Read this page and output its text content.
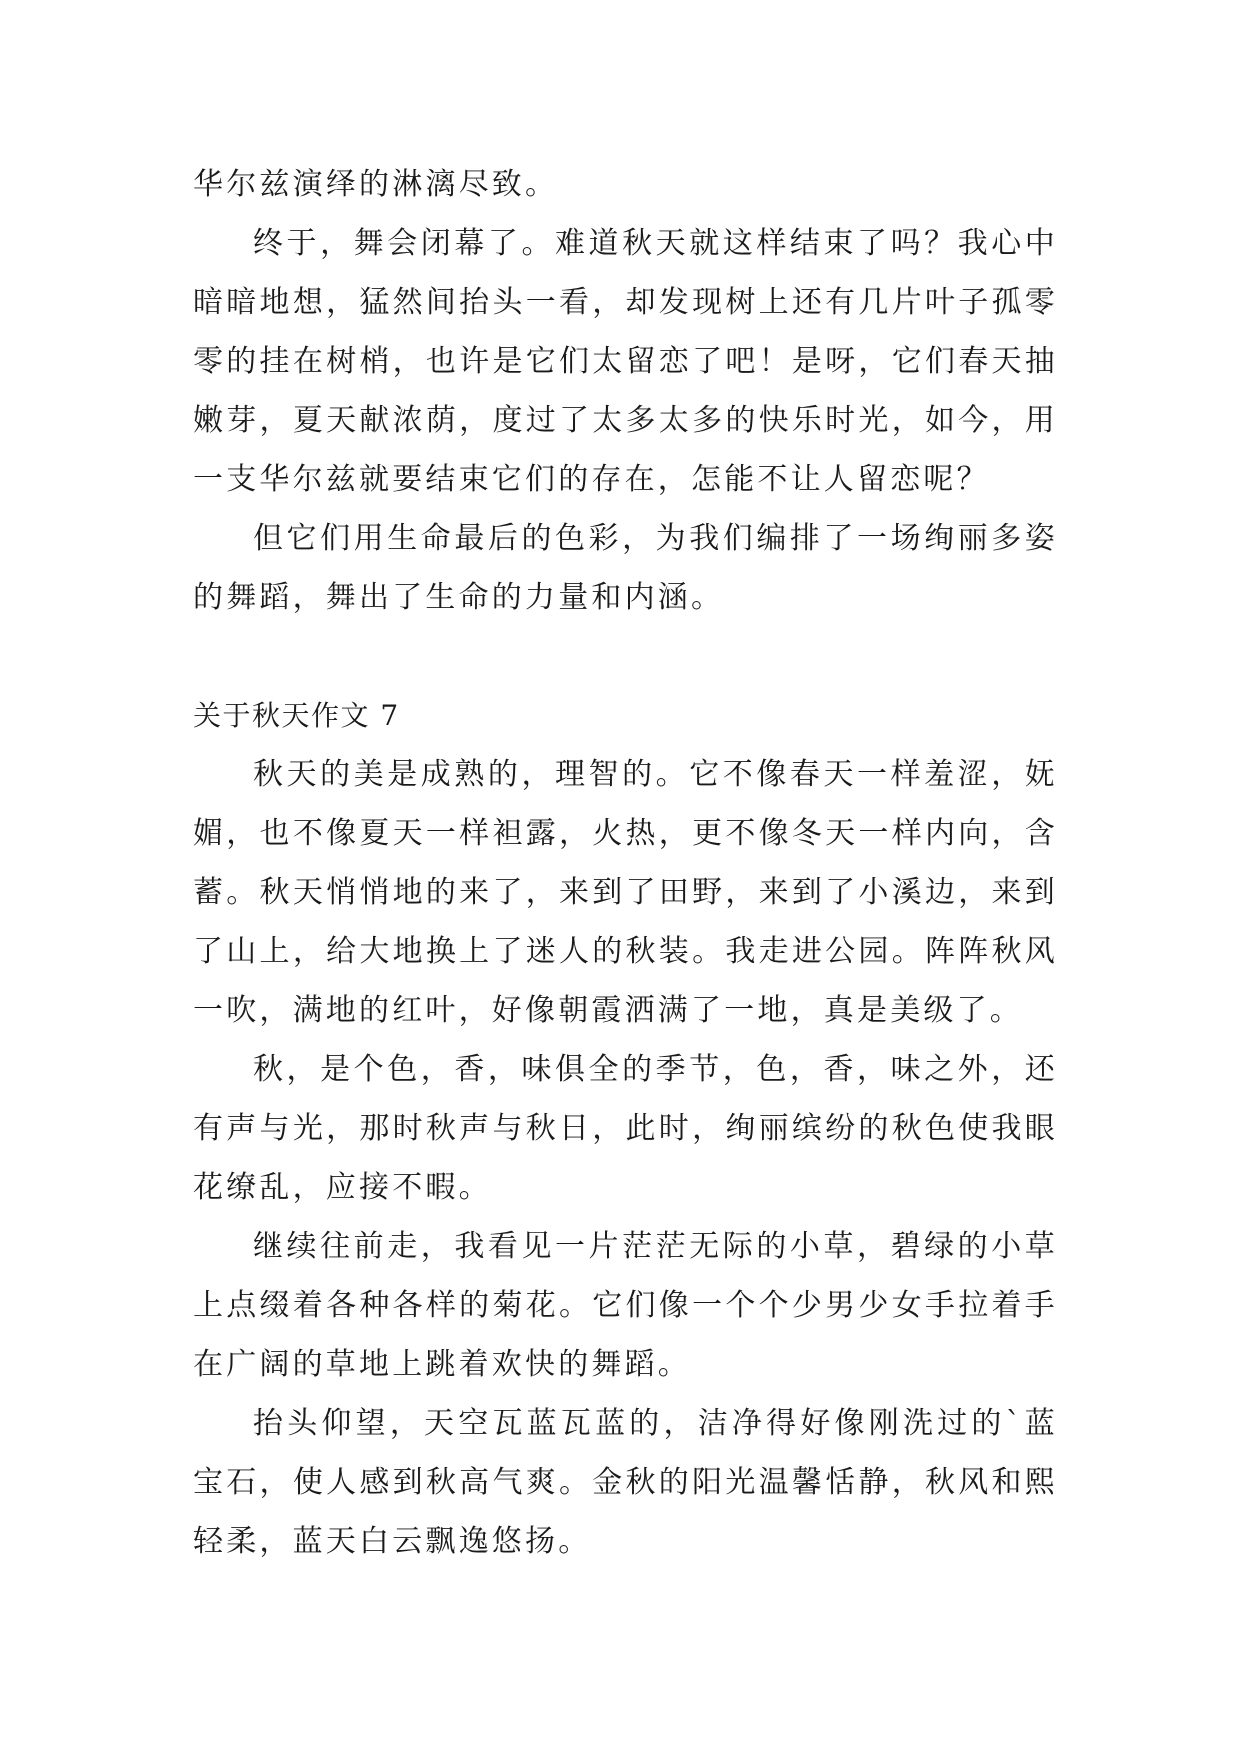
华尔兹演绎的淋漓尽致。

终于，舞会闭幕了。难道秋天就这样结束了吗？我心中暗暗地想，猛然间抬头一看，却发现树上还有几片叶子孤零零的挂在树梢，也许是它们太留恋了吧！是呀，它们春天抽嫩芽，夏天献浓荫，度过了太多太多的快乐时光，如今，用一支华尔兹就要结束它们的存在，怎能不让人留恋呢？

但它们用生命最后的色彩，为我们编排了一场绚丽多姿的舞蹈，舞出了生命的力量和内涵。

关于秋天作文 7

秋天的美是成熟的，理智的。它不像春天一样羞涩，妩媚，也不像夏天一样袒露，火热，更不像冬天一样内向，含蓄。秋天悄悄地的来了，来到了田野，来到了小溪边，来到了山上，给大地换上了迷人的秋装。我走进公园。阵阵秋风一吹，满地的红叶，好像朝霞洒满了一地，真是美级了。

秋，是个色，香，味俱全的季节，色，香，味之外，还有声与光，那时秋声与秋日，此时，绚丽缤纷的秋色使我眼花缭乱，应接不暇。

继续往前走，我看见一片茫茫无际的小草，碧绿的小草上点缀着各种各样的菊花。它们像一个个少男少女手拉着手在广阔的草地上跳着欢快的舞蹈。

抬头仰望，天空瓦蓝瓦蓝的，洁净得好像刚洗过的`蓝宝石，使人感到秋高气爽。金秋的阳光温馨恬静，秋风和熙轻柔，蓝天白云飘逸悠扬。
